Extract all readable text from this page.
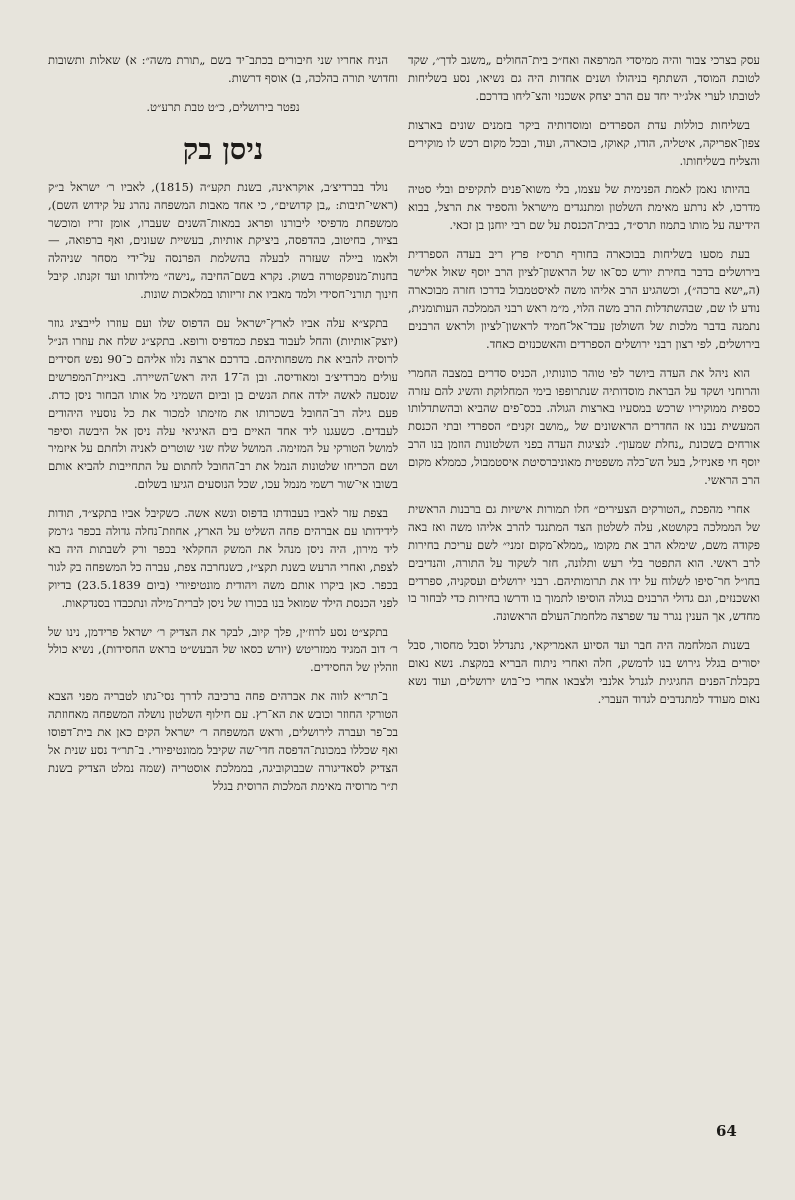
עסק בצרכי צבור והיה ממיסדי המרפאה ואח״כ בית־החולים „משגב לדך״, שקד לטובת המוסד, השתתף בניהולו ושנים אחדות היה גם נשיאו, נסע בשליחות לטובתו לערי אלג׳יר יחד עם הרב יצחק אשכנזי והצ־ליחו בדרכם.

בשליחות כוללות עדת הספרדים ומוסדותיה ביקר בזמנים שונים בארצות צפון־אפריקה, איטליה, הודו, קאוקז, בוכארה, ועוד, ובכל מקום רכש לו מוקירים והצליח בשליחותו.

בהיותו נאמן לאמת הפנימית של עצמו, בלי משוא־פנים לתקיפים ובלי סטיה מדרכו, לא נרתע מאימת השלטון ומתנגדים מישראל והספיד את הרצל, בבוא הידיעה על מותו בתמוז תרס״ד, בבית־הכנסת על שם רבי יוחנן בן זכאי.

בעת מסעו בשליחות בבוכארה בחורף תרס״ז פרץ ריב בעדה הספרדית בירושלים בדבר בחירת יורש כס־או של הראשון־לציון הרב יוסף שאול אלישר (ה„ישא ברכה״), וכשהגיע הרב אליהו משה לאיסטמבול בדרכו חזרה מבוכארה נודע לו שם, שבהשתדלות הרב משה הלוי, מ״מ ראש רבני הממלכה העותומנית, נתמנה בדבר מלכות של השולטן עבד־אל־חמיד לראשון־לציון ולראש הרבנים בירושלים, לפי רצון רבני ירושלים הספרדים והאשכנזים כאחד.

הוא ניהל את העדה ביושר לפי טוהר כוונותיו, הכניס סדרים במצבה החמרי והרוחני ושקד על הבראת מוסדותיה שנתרופפו בימי המחלוקת והשיג להם עזרה כספית ממוקיריו שרכש במסעיו בארצות הגולה. בכס־פים שהביא ובהשתדלותו המעשית נבנו אז החדרים הראשונים של „מושב זקנים״ הספרדי ובתי הכנסת אורחים בשכונת „נחלת שמעון״. לנציגות העדה בפני השלטונות הוזמן בנו הרב יוסף חי פאניז׳ל, בעל הש־כלה משפטית מאוניברסיטת איסטמבול, כממלא מקום הרב הראשי.

אחרי מהפכת „הטורקים הצעירים״ חלו תמורות אישיות גם ברבנות הראשית של הממלכה בקושטא, עלה לשלטון הצד המתנגד להרב אליהו משה ואז באה פקודה משם, שימלא הרב את מקומו „ממלא־מקום זמני״ לשם עריכת בחירות לרב ראשי. הוא התפטר בלי רעש ותלונה, חזר לשקוד על התורה, והנדיבים בחו״ל חר־סיפו לשלוח על ידו את תרומותיהם. רבני ירושלים ועסקניה, ספרדים ואשכנזים, וגם גדולי הרבנים בגולה הוסיפו לתמוך בו ודרשו בחירות כדי לבחור בו מחדש, אך הענין נגרר עד שפרצה מלחמת־העולם הראשונה.

בשנות המלחמה היה חבר ועד הסיוע האמריקאי, נתנדלל וסבל מחסור, סבל יסורים בגלל גירוש בנו לדמשק, חלה ואחרי ניתוח הבריא במקצת. נשא נאום בקבלת־הפנים החגיגית לגנרל אלנבי ולצבאו אחרי כי־בוש ירושלים, ועוד נשא נאום מעודד למתנדבים לגדוד העברי.

הניח אחריו שני חיבורים בכתב־יד בשם „תורת משה״: א) שאלות ותשובות וחדושי תורה בהלכה, ב) אוסף דרשות.

נפטר בירושלים, כ״ט טבת תרע״ט.

ניסן בק

נולד בברדיצ׳ב, אוקראינה, בשנת תקע״ה (1815), לאביו ר׳ ישראל ב״ק (ראשי־תיבות: „בן קדושים״, כי אחד מאבות המשפחה נהרג על קידוש השם), ממשפחת מדפיסי ליבורנו ופראג במאות־השנים שעברו, אומן זריז ומוכשר בציור, בחיטוב, בהדפסה, ביציקת אותיות, בעשיית שעונים, ואף ברפואה, — ולאמו ביילה שעזרה לבעלה בהשלמת הפרנסה על־ידי מסחר שניהלה בחנות־מנופקטורה בשוק. נקרא בשם־החיבה „נישה״ מילדותו ועד זקנתו. קיבל חינוך תורני־חסידי ולמד מאביו את זריזותו במלאכות שונות.

בתקצ״א עלה אביו לארץ־ישראל עם הדפוס שלו ועם עוזרו לייבציג גוזר (יוצק־אותיות) והחל לעבוד בצפת כמדפיס ורופא. בתקצ״ג שלח את עוזרו הנ״ל לרוסיה להביא את משפחותיהם. בדרכם ארצה נלוו אליהם כ־90 נפש חסידים עולים מברדיצ׳ב ומאודיסה. ובן ה־17 היה ראש־השיירה. באניית־המפרשים שנסעה לאשה ילדה אחת הנשים בן וביום השמיני מל אותו הבחור ניסן כדת. פעם גילה רב־החובל בשכרותו את מזימתו למכור את כל נוסעיו היהודים לעבדים. כשעגנו ליד אחד האיים בים האיגיאי עלה ניסן אל היבשה וסיפר למושל הטורקי על המזימה. המושל שלח שני שוטרים לאניה ולחתם על איזמיר ושם הכריחו שלטונות הנמל את רב־החובל לחתום על התחייבות להביא אותם בשובו אי־שור רשמי מנמל עכו, שכל הנוסעים הגיעו בשלום.

בצפת עזר לאביו בעבודתו בדפוס ונשא אשה. כשקיבל אביו בתקצ״ד, תודות לידידותו עם אברהים פחה השליט על הארץ, אחוזת־נחלה גדולה בכפר ג׳רמק ליד מירון, היה ניסן מנהל את המשק החקלאי בכפר ורק לשבתות היה בא לצפת, ואחרי הרעש בשנת תקצ״ז, כשנחרבה צפת, עברה כל המשפחה בק לגור בכפר. כאן ביקרו אותם משה ויהודית מונטיפיורי (ביום 23.5.1839) בדיוק לפני הכנסת הילד שמואל בנו בכורו של ניסן לברית־מילה ונתכבדו בסנדקאות.

בתקצ״ט נסע לרוז׳ין, פלך קיוב, לבקר את הצדיק ר׳ ישראל פרידמן, נינו של ר׳ דוב המגיד ממזריטש (יורש כסאו של הבעש״ט בראש החסידות), נשיא כולל וזהלין של החסידים.

ב־תר״א לווה את אברהים פחה ברכיבה לדרך נסי־גתו לטבריה מפני הצבא הטורקי החוזר וכובש את הא־רץ. עם חילוף השלטון נושלה המשפחה מאחוזתה בכ־פר ועברה לירושלים, וראש המשפחה ר׳ ישראל הקים כאן את בית־דפוסו ואף שכללו במכונת־הדפסה חדי־שה שקיבל ממונטיפיורי. ב־תר״ד נסע שנית אל הצדיק לסאדיגורה שבבוקוביגה, בממלכת אוסטריה (שמה נמלט הצדיק בשנת ת״ר מרוסיה מאימת המלכות הרוסית בגלל

64
